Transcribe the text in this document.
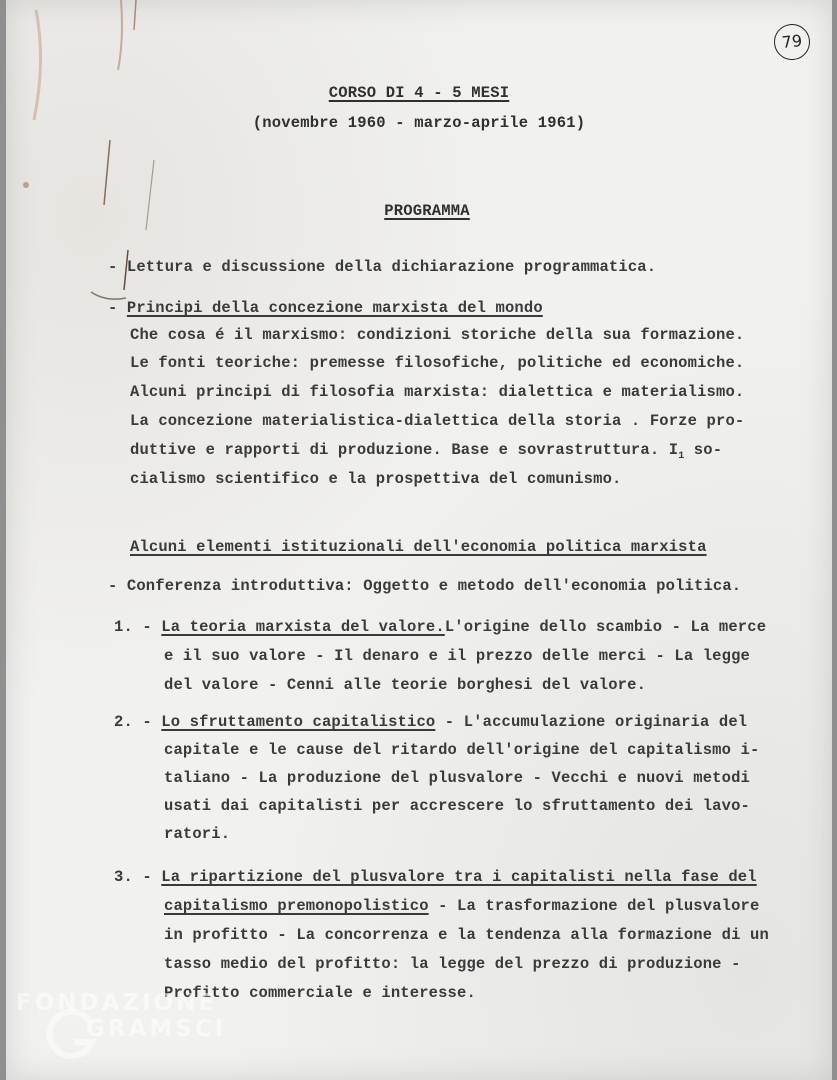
79
CORSO DI 4 - 5 MESI
(novembre 1960 - marzo-aprile 1961)
PROGRAMMA
- Lettura e discussione della dichiarazione programmatica.
- Principi della concezione marxista del mondo
Che cosa é il marxismo: condizioni storiche della sua formazione.
Le fonti teoriche: premesse filosofiche, politiche ed economiche.
Alcuni principi di filosofia marxista: dialettica e materialismo.
La concezione materialistica-dialettica della storia . Forze pro-
duttive e rapporti di produzione. Base e sovrastruttura. $I_1$ so-
cialismo scientifico e la prospettiva del comunismo.
Alcuni elementi istituzionali dell'economia politica marxista
- Conferenza introduttiva: Oggetto e metodo dell'economia politica.
1. - La teoria marxista del valore.L'origine dello scambio - La merce
e il suo valore - Il denaro e il prezzo delle merci - La legge
del valore - Cenni alle teorie borghesi del valore.
2. - Lo sfruttamento capitalistico - L'accumulazione originaria del
capitale e le cause del ritardo dell'origine del capitalismo i-
taliano - La produzione del plusvalore - Vecchi e nuovi metodi
usati dai capitalisti per accrescere lo sfruttamento dei lavo-
ratori.
3. - La ripartizione del plusvalore tra i capitalisti nella fase del
capitalismo premonopolistico - La trasformazione del plusvalore
in profitto - La concorrenza e la tendenza alla formazione di un
tasso medio del profitto: la legge del prezzo di produzione -
Profitto commerciale e interesse.
FONDAZIONE
GRAMSCI
